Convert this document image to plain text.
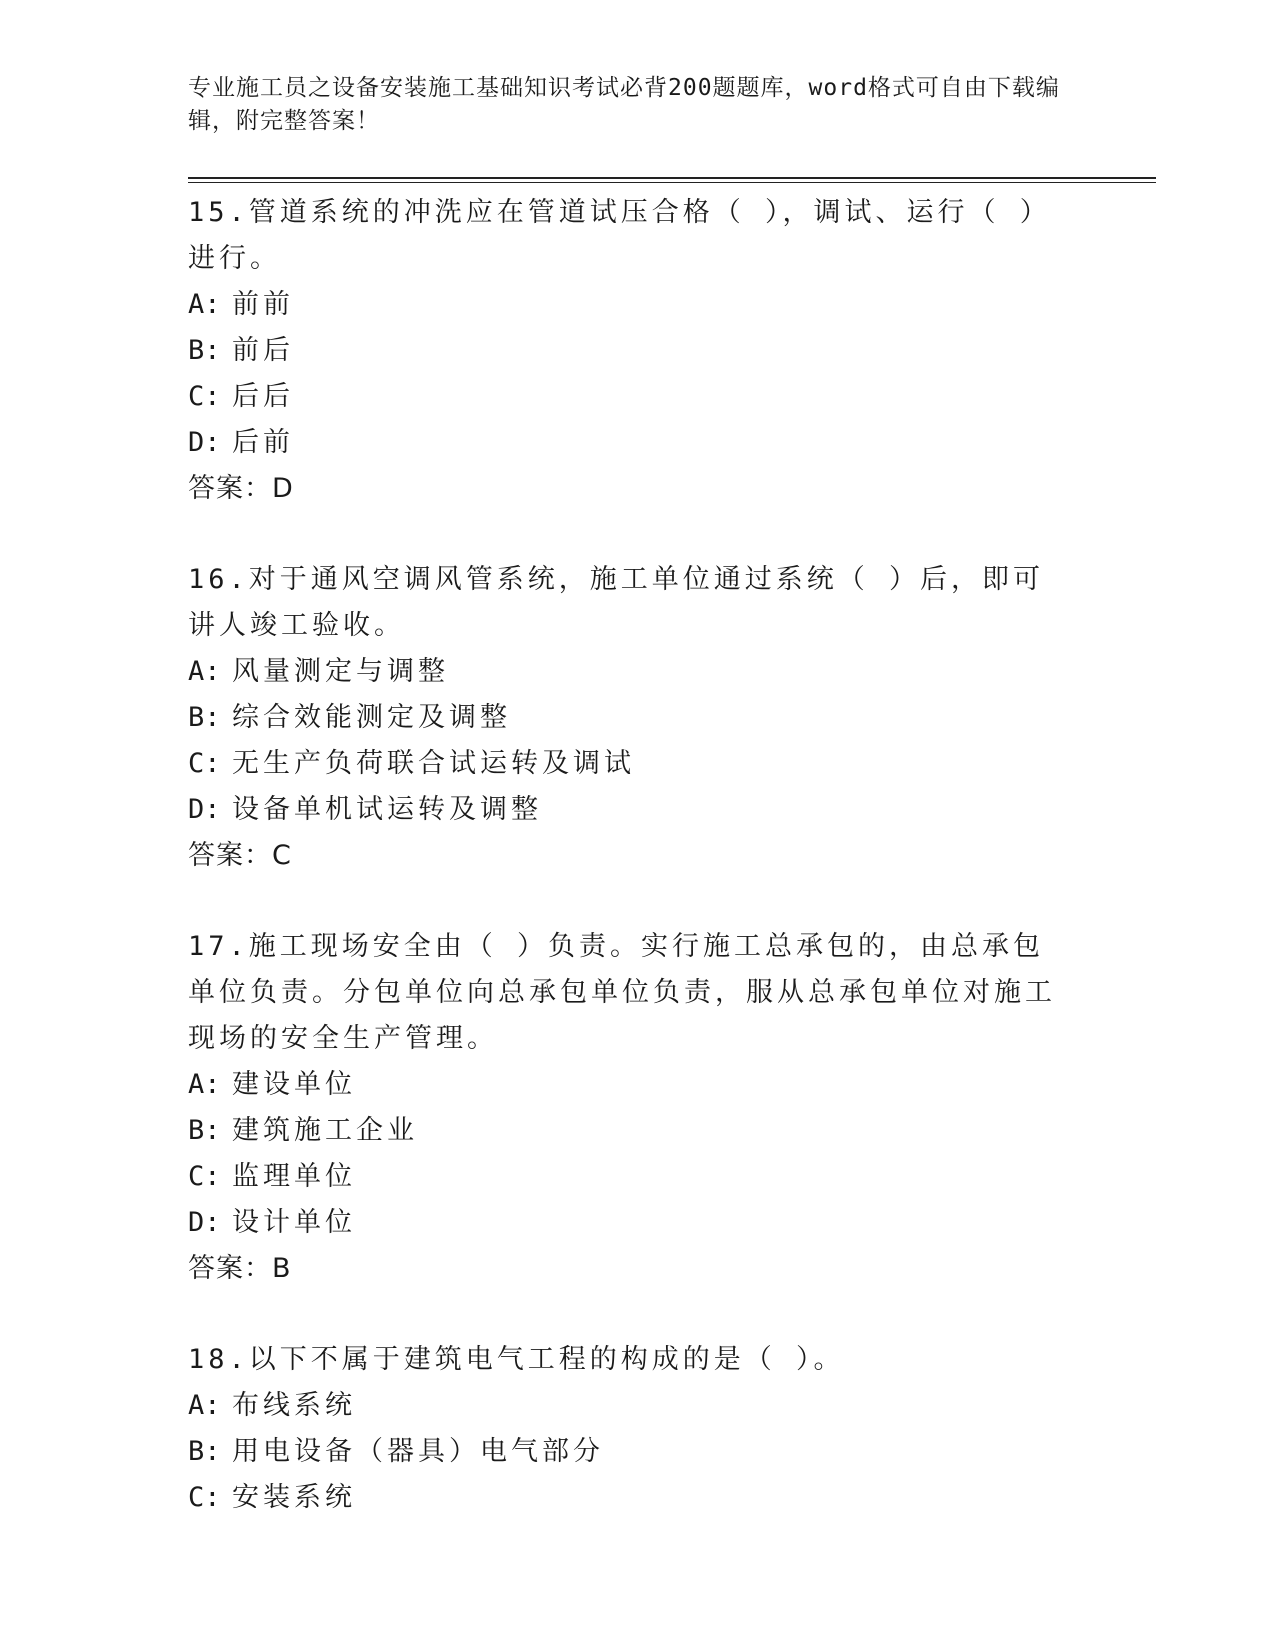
专业施工员之设备安装施工基础知识考试必背200题题库，word格式可自由下载编辑，附完整答案！
15.管道系统的冲洗应在管道试压合格（ ），调试、运行（ ）进行。
A: 前前
B: 前后
C: 后后
D: 后前
答案：D
16.对于通风空调风管系统，施工单位通过系统（ ）后，即可讲人竣工验收。
A: 风量测定与调整
B: 综合效能测定及调整
C: 无生产负荷联合试运转及调试
D: 设备单机试运转及调整
答案：C
17.施工现场安全由（ ）负责。实行施工总承包的，由总承包单位负责。分包单位向总承包单位负责，服从总承包单位对施工现场的安全生产管理。
A: 建设单位
B: 建筑施工企业
C: 监理单位
D: 设计单位
答案：B
18.以下不属于建筑电气工程的构成的是（ ）。
A: 布线系统
B: 用电设备（器具）电气部分
C: 安装系统
